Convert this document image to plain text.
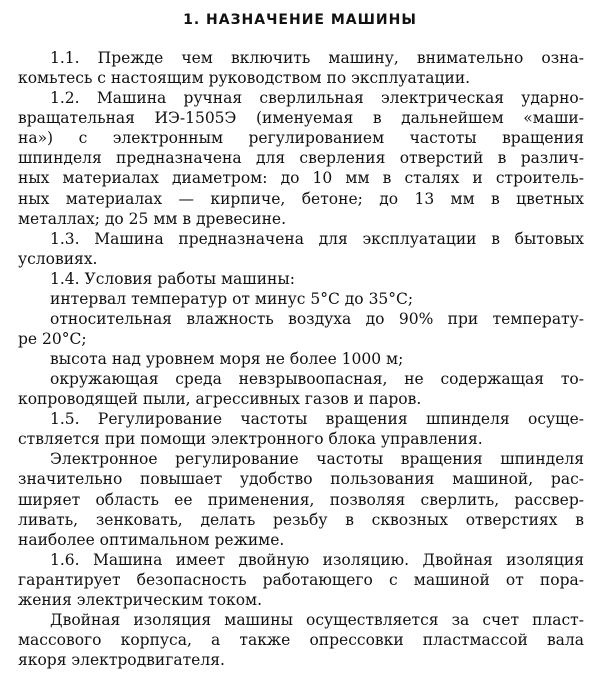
1. НАЗНАЧЕНИЕ МАШИНЫ
1.1. Прежде чем включить машину, внимательно озна-
комьтесь с настоящим руководством по эксплуатации.
1.2. Машина ручная сверлильная электрическая ударно-
вращательная ИЭ-1505Э (именуемая в дальнейшем «маши-
на») с электронным регулированием частоты вращения
шпинделя предназначена для сверления отверстий в различ-
ных материалах диаметром: до 10 мм в сталях и строитель-
ных материалах — кирпиче, бетоне; до 13 мм в цветных
металлах; до 25 мм в древесине.
1.3. Машина предназначена для эксплуатации в бытовых
условиях.
1.4. Условия работы машины:
интервал температур от минус 5°С до 35°С;
относительная влажность воздуха до 90% при температу-
ре 20°С;
высота над уровнем моря не более 1000 м;
окружающая среда невзрывоопасная, не содержащая то-
копроводящей пыли, агрессивных газов и паров.
1.5. Регулирование частоты вращения шпинделя осуще-
ствляется при помощи электронного блока управления.
Электронное регулирование частоты вращения шпинделя
значительно повышает удобство пользования машиной, рас-
ширяет область ее применения, позволяя сверлить, рассвер-
ливать, зенковать, делать резьбу в сквозных отверстиях в
наиболее оптимальном режиме.
1.6. Машина имеет двойную изоляцию. Двойная изоляция
гарантирует безопасность работающего с машиной от пора-
жения электрическим током.
Двойная изоляция машины осуществляется за счет пласт-
массового корпуса, а также опрессовки пластмассой вала
якоря электродвигателя.
